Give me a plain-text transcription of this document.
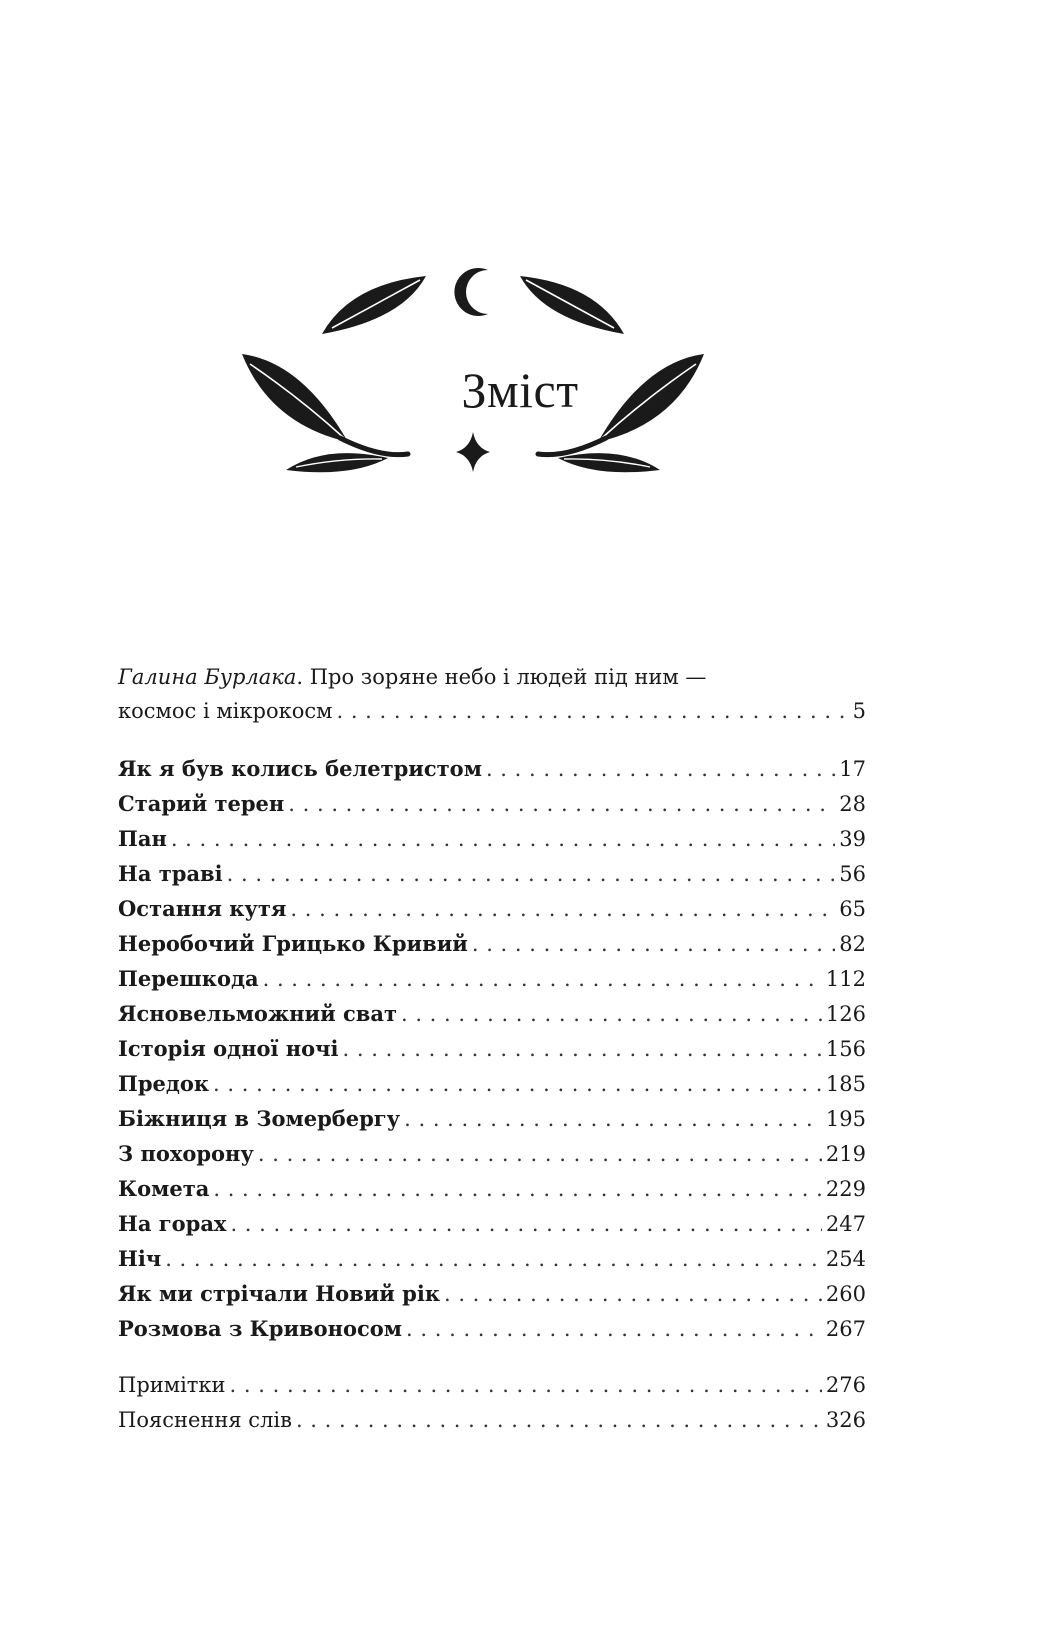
Зміст
Галина Бурлака. Про зоряне небо і людей під ним —
космос і мікрокосм . . .	5
Як я був колись белетристом . . .	17
Старий терен . . .	28
Пан . . .	39
На траві . . .	56
Остання кутя . . .	65
Неробочий Грицько Кривий . . .	82
Перешкода . . .	112
Ясновельможний сват . . .	126
Історія одної ночі . . .	156
Предок . . .	185
Біжниця в Зомербергу . . .	195
З похорону . . .	219
Комета . . .	229
На горах . . .	247
Ніч . . .	254
Як ми стрічали Новий рік . . .	260
Розмова з Кривоносом . . .	267
Примітки . . .	276
Пояснення слів . . .	326
